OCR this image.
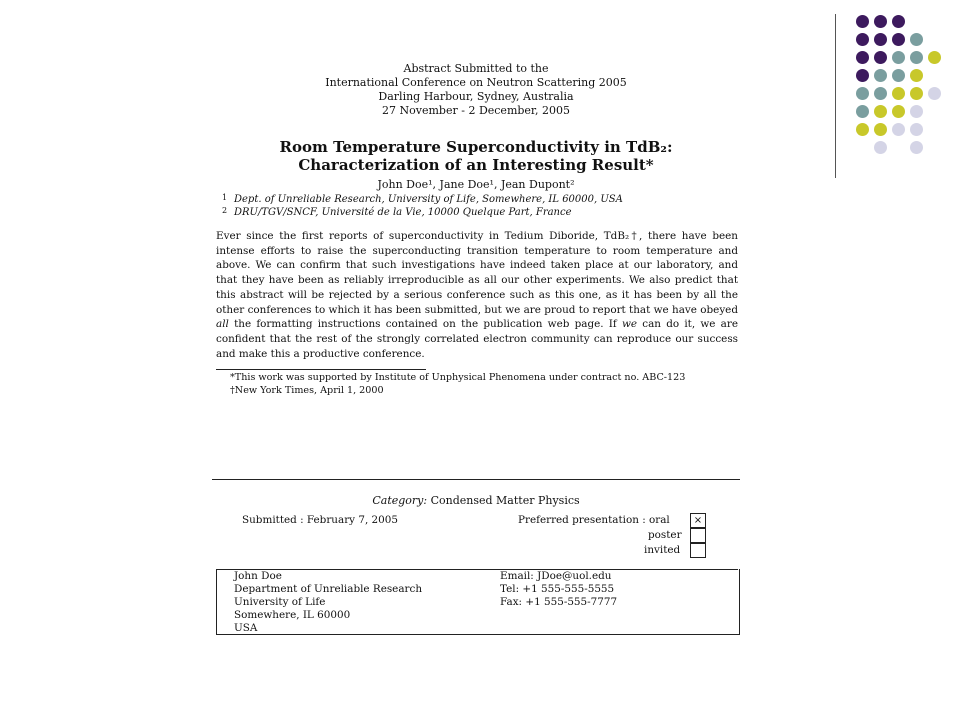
Abstract Submitted to the
International Conference on Neutron Scattering 2005
Darling Harbour, Sydney, Australia
27 November - 2 December, 2005
Room Temperature Superconductivity in TdB₂:
Characterization of an Interesting Result*
John Doe¹, Jane Doe¹, Jean Dupont²
1 Dept. of Unreliable Research, University of Life, Somewhere, IL 60000, USA
2 DRU/TGV/SNCF, Université de la Vie, 10000 Quelque Part, France
Ever since the first reports of superconductivity in Tedium Diboride, TdB₂†, there have been intense efforts to raise the superconducting transition temperature to room temperature and above. We can confirm that such investigations have indeed taken place at our laboratory, and that they have been as reliably irreproducible as all our other experiments. We also predict that this abstract will be rejected by a serious conference such as this one, as it has been by all the other conferences to which it has been submitted, but we are proud to report that we have obeyed all the formatting instructions contained on the publication web page. If we can do it, we are confident that the rest of the strongly correlated electron community can reproduce our success and make this a productive conference.
*This work was supported by Institute of Unphysical Phenomena under contract no. ABC-123
†New York Times, April 1, 2000
Category: Condensed Matter Physics
Submitted : February 7, 2005	Preferred presentation : oral	×
poster
invited
John Doe
Department of Unreliable Research
University of Life
Somewhere, IL 60000
USA
Email: JDoe@uol.edu
Tel: +1 555-555-5555
Fax: +1 555-555-7777
